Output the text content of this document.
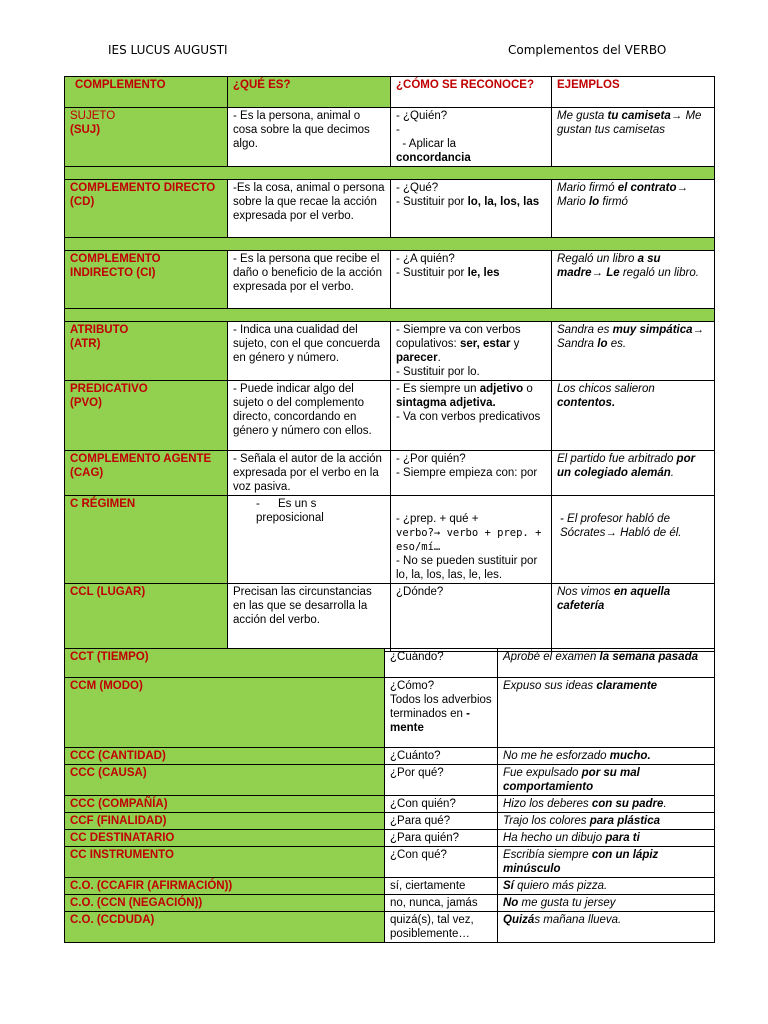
IES LUCUS AUGUSTI	Complementos del VERBO
COMPLEMENTO	¿QUÉ ES?	¿CÓMO SE RECONOCE?	EJEMPLOS
SUJETO
(SUJ)	- Es la persona, animal o cosa sobre la que decimos algo.	- ¿Quién?
-
- Aplicar la
concordancia	Me gusta tu camiseta→ Me gustan tus camisetas

COMPLEMENTO DIRECTO (CD)	-Es la cosa, animal o persona sobre la que recae la acción expresada por el verbo.	- ¿Qué?
- Sustituir por lo, la, los, las	Mario firmó el contrato→ Mario lo firmó

COMPLEMENTO INDIRECTO (CI)	- Es la persona que recibe el daño o beneficio de la acción expresada por el verbo.	- ¿A quién?
- Sustituir por le, les	Regaló un libro a su madre→ Le regaló un libro.

ATRIBUTO
(ATR)	- Indica una cualidad del sujeto, con el que concuerda en género y número.	- Siempre va con verbos copulativos: ser, estar y parecer.
- Sustituir por lo.	Sandra es muy simpática→ Sandra lo es.
PREDICATIVO
(PVO)	- Puede indicar algo del sujeto o del complemento directo, concordando en género y número con ellos.	- Es siempre un adjetivo o sintagma adjetiva.
- Va con verbos predicativos	Los chicos salieron contentos.
COMPLEMENTO AGENTE (CAG)	- Señala el autor de la acción expresada por el verbo en la voz pasiva.	- ¿Por quién?
- Siempre empieza con: por	El partido fue arbitrado por un colegiado alemán.
C RÉGIMEN	- Es un s preposicional	- ¿prep. + qué +
verbo?→ verbo + prep. +
eso/mí…
- No se pueden sustituir por lo, la, los, las, le, les.	- El profesor habló de Sócrates→ Habló de él.
CCL (LUGAR)	Precisan las circunstancias en las que se desarrolla la acción del verbo.	¿Dónde?	Nos vimos en aquella cafetería
CCT (TIEMPO)	¿Cuándo?	Aprobé el examen la semana pasada
CCM (MODO)	¿Cómo?
Todos los adverbios terminados en -mente	Expuso sus ideas claramente
CCC (CANTIDAD)	¿Cuánto?	No me he esforzado mucho.
CCC (CAUSA)	¿Por qué?	Fue expulsado por su mal comportamiento
CCC (COMPAÑÍA)	¿Con quién?	Hizo los deberes con su padre.
CCF (FINALIDAD)	¿Para qué?	Trajo los colores para plástica
CC DESTINATARIO	¿Para quién?	Ha hecho un dibujo para ti
CC INSTRUMENTO	¿Con qué?	Escribía siempre con un lápiz minúsculo
C.O. (CCAFIR (AFIRMACIÓN))	sí, ciertamente	Sí quiero más pizza.
C.O. (CCN (NEGACIÓN))	no, nunca, jamás	No me gusta tu jersey
C.O. (CCDUDA)	quizá(s), tal vez, posiblemente…	Quizás mañana llueva.
